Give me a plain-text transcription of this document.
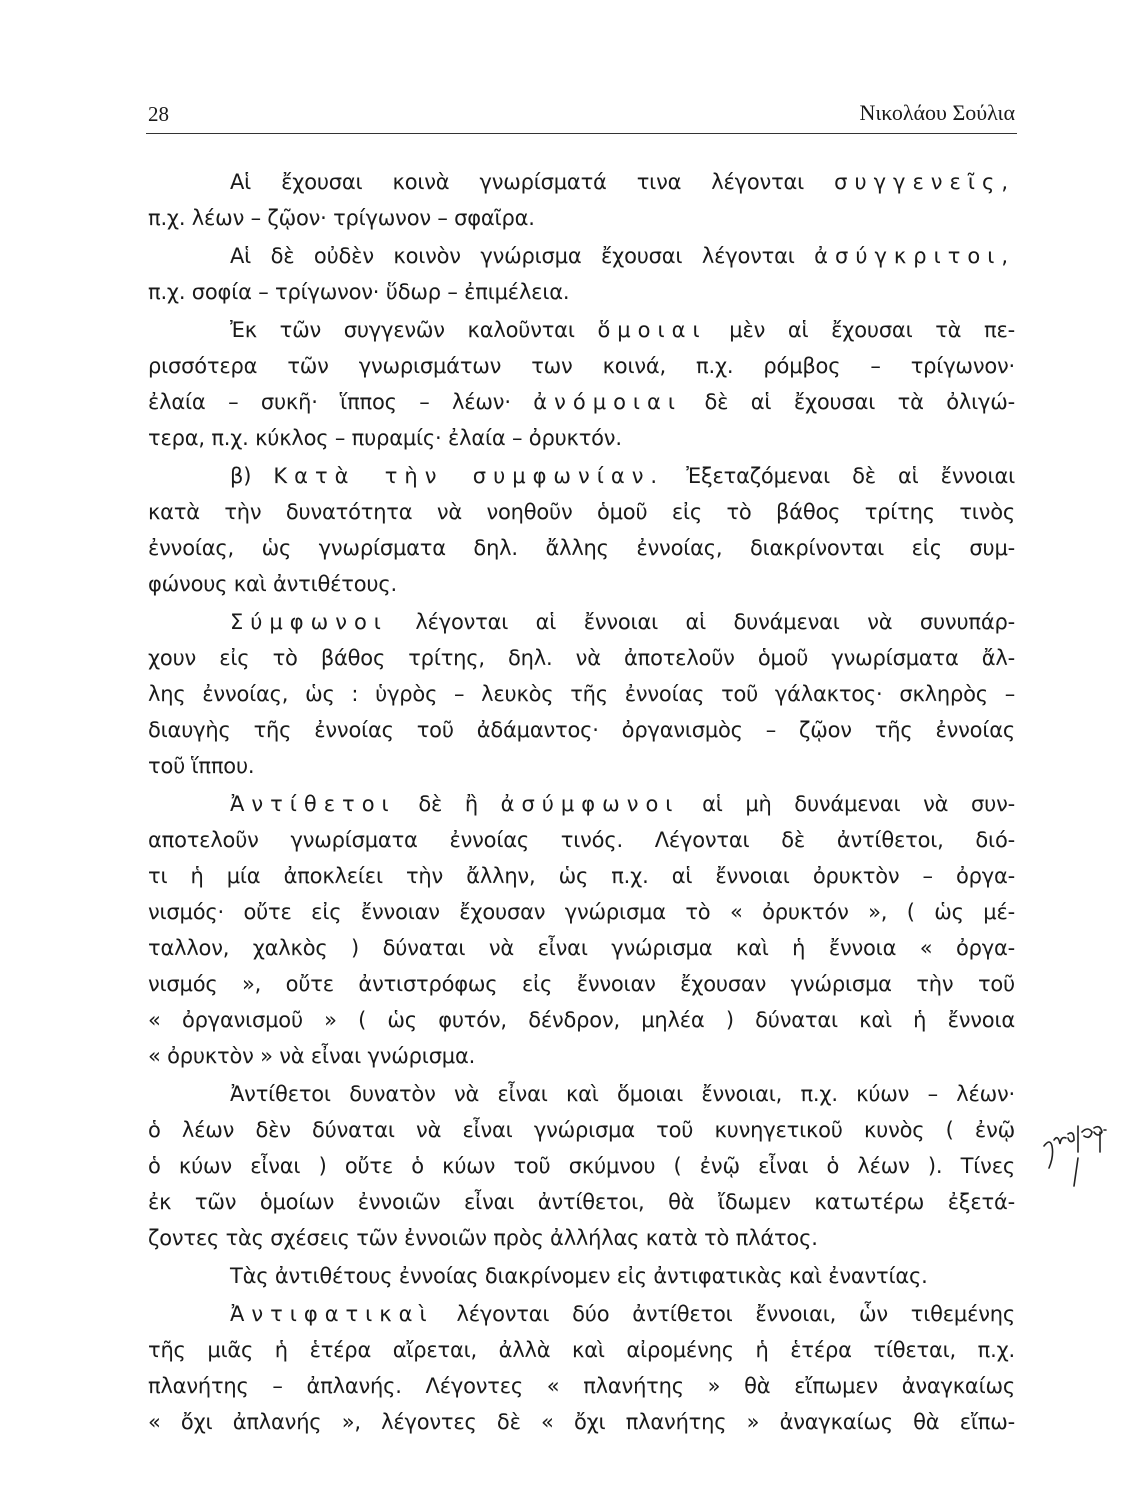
28	Νικολάου Σούλια
Αἱ ἔχουσαι κοινὰ γνωρίσματά τινα λέγονται συγγενεῖς,
π.χ. λέων – ζῷον· τρίγωνον – σφαῖρα.
Αἱ δὲ οὐδὲν κοινὸν γνώρισμα ἔχουσαι λέγονται ἀσύγκριτοι,
π.χ. σοφία – τρίγωνον· ὕδωρ – ἐπιμέλεια.
Ἐκ τῶν συγγενῶν καλοῦνται ὅμοιαι μὲν αἱ ἔχουσαι τὰ πε-
ρισσότερα τῶν γνωρισμάτων των κοινά, π.χ. ρόμβος – τρίγωνον·
ἐλαία – συκῆ· ἵππος – λέων· ἀνόμοιαι δὲ αἱ ἔχουσαι τὰ ὀλιγώ-
τερα, π.χ. κύκλος – πυραμίς· ἐλαία – ὀρυκτόν.
β) Κατὰ τὴν συμφωνίαν. Ἐξεταζόμεναι δὲ αἱ ἔννοιαι
κατὰ τὴν δυνατότητα νὰ νοηθοῦν ὁμοῦ εἰς τὸ βάθος τρίτης τινὸς
ἐννοίας, ὡς γνωρίσματα δηλ. ἄλλης ἐννοίας, διακρίνονται εἰς συμ-
φώνους καὶ ἀντιθέτους.
Σύμφωνοι λέγονται αἱ ἔννοιαι αἱ δυνάμεναι νὰ συνυπάρ-
χουν εἰς τὸ βάθος τρίτης, δηλ. νὰ ἀποτελοῦν ὁμοῦ γνωρίσματα ἄλ-
λης ἐννοίας, ὡς : ὑγρὸς – λευκὸς τῆς ἐννοίας τοῦ γάλακτος· σκληρὸς –
διαυγὴς τῆς ἐννοίας τοῦ ἀδάμαντος· ὀργανισμὸς – ζῷον τῆς ἐννοίας
τοῦ ἵππου.
Ἀντίθετοι δὲ ἢ ἀσύμφωνοι αἱ μὴ δυνάμεναι νὰ συν-
αποτελοῦν γνωρίσματα ἐννοίας τινός. Λέγονται δὲ ἀντίθετοι, διό-
τι ἡ μία ἀποκλείει τὴν ἄλλην, ὡς π.χ. αἱ ἔννοιαι ὀρυκτὸν – ὀργα-
νισμός· οὔτε εἰς ἔννοιαν ἔχουσαν γνώρισμα τὸ « ὀρυκτόν », ( ὡς μέ-
ταλλον, χαλκὸς ) δύναται νὰ εἶναι γνώρισμα καὶ ἡ ἔννοια « ὀργα-
νισμός », οὔτε ἀντιστρόφως εἰς ἔννοιαν ἔχουσαν γνώρισμα τὴν τοῦ
« ὀργανισμοῦ » ( ὡς φυτόν, δένδρον, μηλέα ) δύναται καὶ ἡ ἔννοια
« ὀρυκτὸν » νὰ εἶναι γνώρισμα.
Ἀντίθετοι δυνατὸν νὰ εἶναι καὶ ὅμοιαι ἔννοιαι, π.χ. κύων – λέων·
ὁ λέων δὲν δύναται νὰ εἶναι γνώρισμα τοῦ κυνηγετικοῦ κυνὸς ( ἐνῷ
ὁ κύων εἶναι ) οὔτε ὁ κύων τοῦ σκύμνου ( ἐνῷ εἶναι ὁ λέων ). Τίνες
ἐκ τῶν ὁμοίων ἐννοιῶν εἶναι ἀντίθετοι, θὰ ἴδωμεν κατωτέρω ἐξετά-
ζοντες τὰς σχέσεις τῶν ἐννοιῶν πρὸς ἀλλήλας κατὰ τὸ πλάτος.
Τὰς ἀντιθέτους ἐννοίας διακρίνομεν εἰς ἀντιφατικὰς καὶ ἐναντίας.
Ἀντιφατικαὶ λέγονται δύο ἀντίθετοι ἔννοιαι, ὧν τιθεμένης
τῆς μιᾶς ἡ ἑτέρα αἴρεται, ἀλλὰ καὶ αἰρομένης ἡ ἑτέρα τίθεται, π.χ.
πλανήτης – ἀπλανής. Λέγοντες « πλανήτης » θὰ εἴπωμεν ἀναγκαίως
« ὄχι ἀπλανής », λέγοντες δὲ « ὄχι πλανήτης » ἀναγκαίως θὰ εἴπω-
